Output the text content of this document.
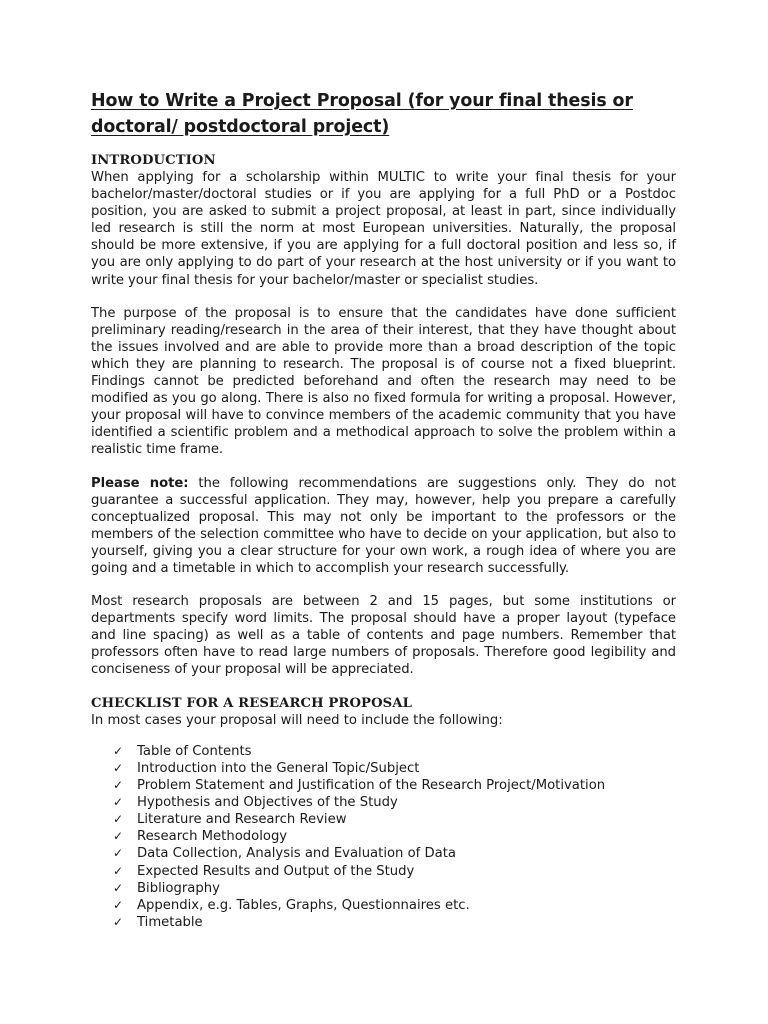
How to Write a Project Proposal (for your final thesis or
doctoral/ postdoctoral project)

INTRODUCTION

When applying for a scholarship within MULTIC to write your final thesis for your bachelor/master/doctoral studies or if you are applying for a full PhD or a Postdoc position, you are asked to submit a project proposal, at least in part, since individually led research is still the norm at most European universities. Naturally, the proposal should be more extensive, if you are applying for a full doctoral position and less so, if you are only applying to do part of your research at the host university or if you want to write your final thesis for your bachelor/master or specialist studies.

The purpose of the proposal is to ensure that the candidates have done sufficient preliminary reading/research in the area of their interest, that they have thought about the issues involved and are able to provide more than a broad description of the topic which they are planning to research. The proposal is of course not a fixed blueprint. Findings cannot be predicted beforehand and often the research may need to be modified as you go along. There is also no fixed formula for writing a proposal. However, your proposal will have to convince members of the academic community that you have identified a scientific problem and a methodical approach to solve the problem within a realistic time frame.

Please note: the following recommendations are suggestions only. They do not guarantee a successful application. They may, however, help you prepare a carefully conceptualized proposal. This may not only be important to the professors or the members of the selection committee who have to decide on your application, but also to yourself, giving you a clear structure for your own work, a rough idea of where you are going and a timetable in which to accomplish your research successfully.

Most research proposals are between 2 and 15 pages, but some institutions or departments specify word limits. The proposal should have a proper layout (typeface and line spacing) as well as a table of contents and page numbers. Remember that professors often have to read large numbers of proposals. Therefore good legibility and conciseness of your proposal will be appreciated.

CHECKLIST FOR A RESEARCH PROPOSAL

In most cases your proposal will need to include the following:

✓ Table of Contents
✓ Introduction into the General Topic/Subject
✓ Problem Statement and Justification of the Research Project/Motivation
✓ Hypothesis and Objectives of the Study
✓ Literature and Research Review
✓ Research Methodology
✓ Data Collection, Analysis and Evaluation of Data
✓ Expected Results and Output of the Study
✓ Bibliography
✓ Appendix, e.g. Tables, Graphs, Questionnaires etc.
✓ Timetable
